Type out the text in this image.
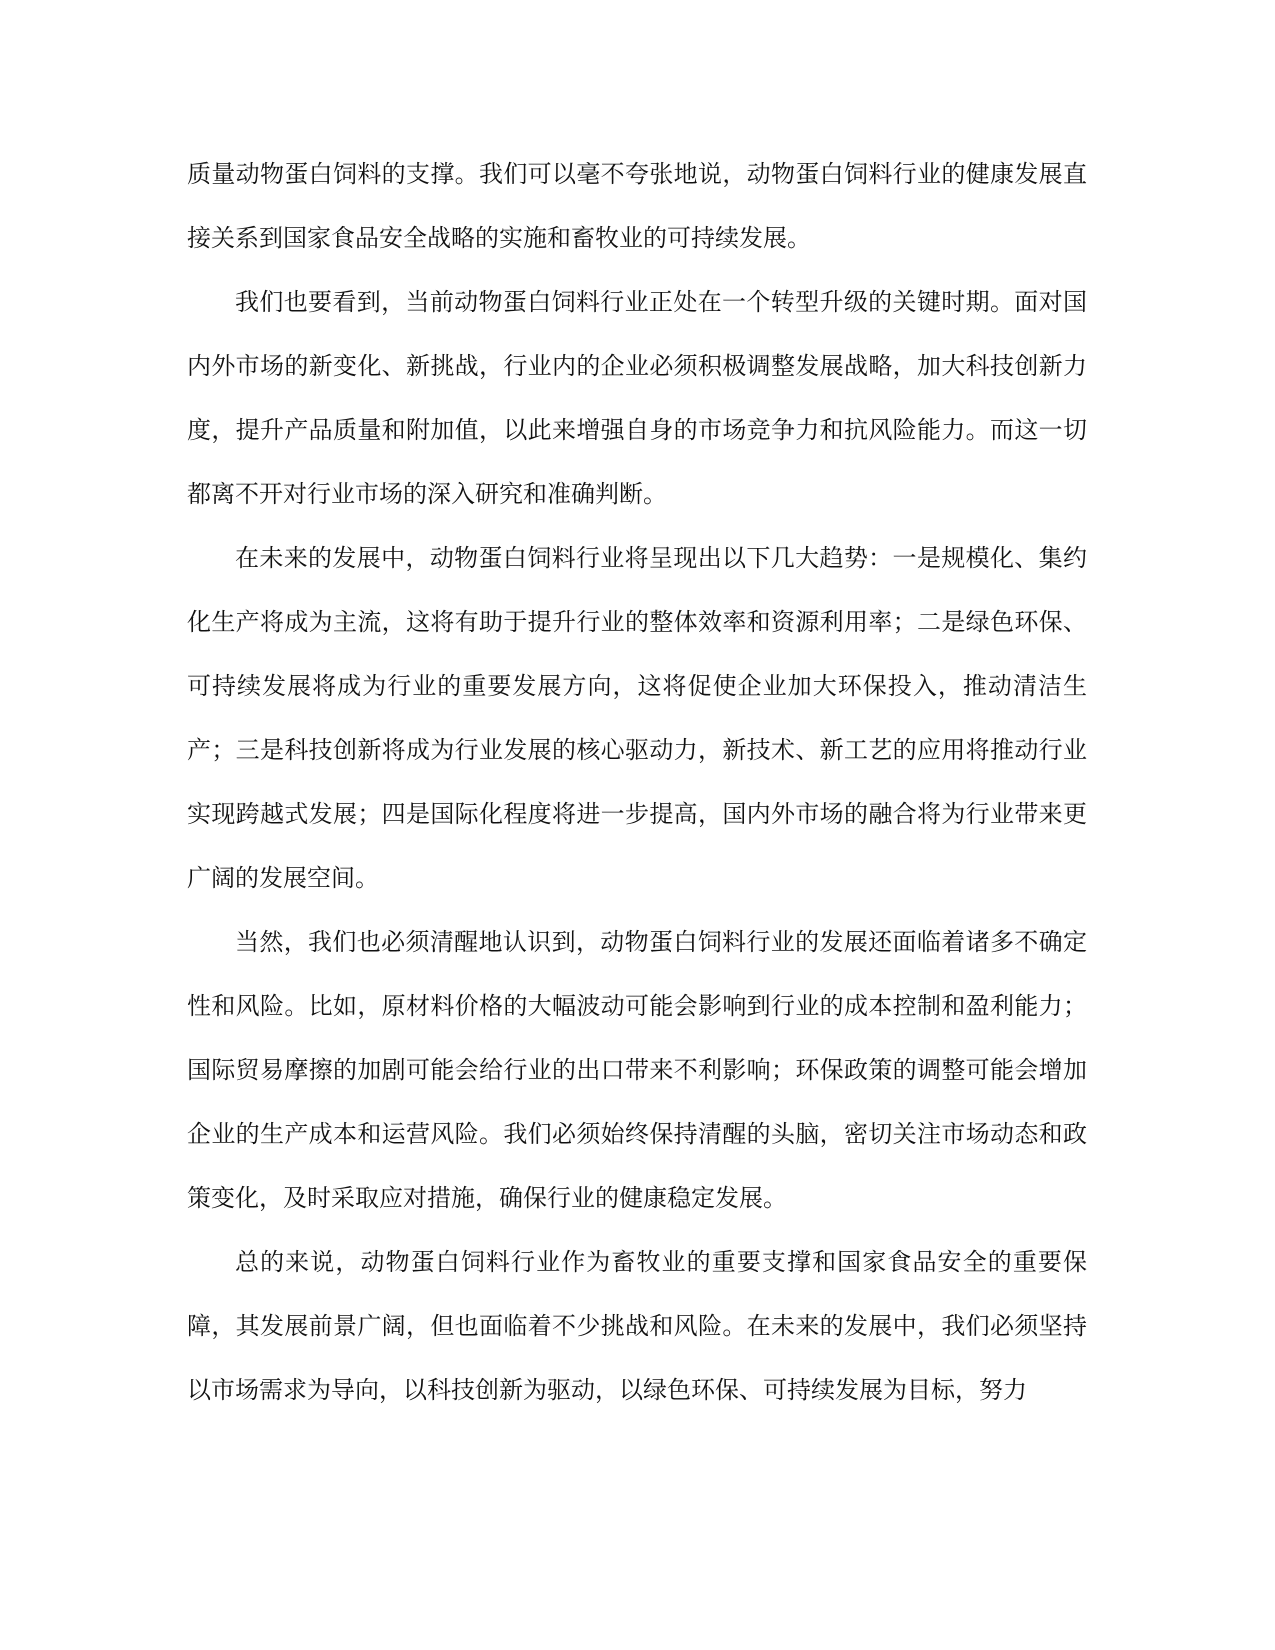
质量动物蛋白饲料的支撑。我们可以毫不夸张地说，动物蛋白饲料行业的健康发展直接关系到国家食品安全战略的实施和畜牧业的可持续发展。

我们也要看到，当前动物蛋白饲料行业正处在一个转型升级的关键时期。面对国内外市场的新变化、新挑战，行业内的企业必须积极调整发展战略，加大科技创新力度，提升产品质量和附加值，以此来增强自身的市场竞争力和抗风险能力。而这一切都离不开对行业市场的深入研究和准确判断。

在未来的发展中，动物蛋白饲料行业将呈现出以下几大趋势：一是规模化、集约化生产将成为主流，这将有助于提升行业的整体效率和资源利用率；二是绿色环保、可持续发展将成为行业的重要发展方向，这将促使企业加大环保投入，推动清洁生产；三是科技创新将成为行业发展的核心驱动力，新技术、新工艺的应用将推动行业实现跨越式发展；四是国际化程度将进一步提高，国内外市场的融合将为行业带来更广阔的发展空间。

当然，我们也必须清醒地认识到，动物蛋白饲料行业的发展还面临着诸多不确定性和风险。比如，原材料价格的大幅波动可能会影响到行业的成本控制和盈利能力；国际贸易摩擦的加剧可能会给行业的出口带来不利影响；环保政策的调整可能会增加企业的生产成本和运营风险。我们必须始终保持清醒的头脑，密切关注市场动态和政策变化，及时采取应对措施，确保行业的健康稳定发展。

总的来说，动物蛋白饲料行业作为畜牧业的重要支撑和国家食品安全的重要保障，其发展前景广阔，但也面临着不少挑战和风险。在未来的发展中，我们必须坚持以市场需求为导向，以科技创新为驱动，以绿色环保、可持续发展为目标，努力
